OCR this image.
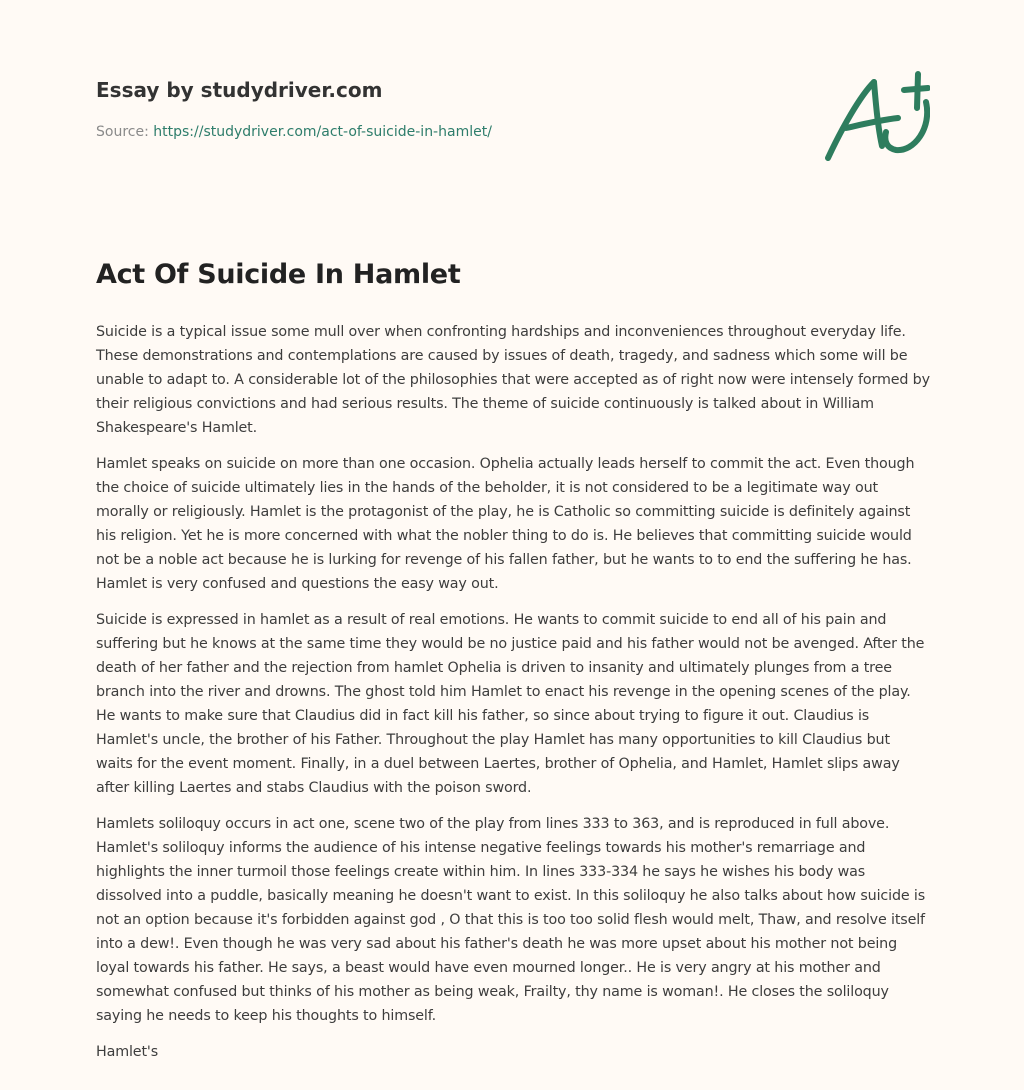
Essay by studydriver.com
Source: https://studydriver.com/act-of-suicide-in-hamlet/
Act Of Suicide In Hamlet

Suicide is a typical issue some mull over when confronting hardships and inconveniences throughout everyday life. These demonstrations and contemplations are caused by issues of death, tragedy, and sadness which some will be unable to adapt to. A considerable lot of the philosophies that were accepted as of right now were intensely formed by their religious convictions and had serious results. The theme of suicide continuously is talked about in William Shakespeare's Hamlet.

Hamlet speaks on suicide on more than one occasion. Ophelia actually leads herself to commit the act. Even though the choice of suicide ultimately lies in the hands of the beholder, it is not considered to be a legitimate way out morally or religiously. Hamlet is the protagonist of the play, he is Catholic so committing suicide is definitely against his religion. Yet he is more concerned with what the nobler thing to do is. He believes that committing suicide would not be a noble act because he is lurking for revenge of his fallen father, but he wants to to end the suffering he has. Hamlet is very confused and questions the easy way out.

Suicide is expressed in hamlet as a result of real emotions. He wants to commit suicide to end all of his pain and suffering but he knows at the same time they would be no justice paid and his father would not be avenged. After the death of her father and the rejection from hamlet Ophelia is driven to insanity and ultimately plunges from a tree branch into the river and drowns. The ghost told him Hamlet to enact his revenge in the opening scenes of the play. He wants to make sure that Claudius did in fact kill his father, so since about trying to figure it out. Claudius is Hamlet's uncle, the brother of his Father. Throughout the play Hamlet has many opportunities to kill Claudius but waits for the event moment. Finally, in a duel between Laertes, brother of Ophelia, and Hamlet, Hamlet slips away after killing Laertes and stabs Claudius with the poison sword.

Hamlets soliloquy occurs in act one, scene two of the play from lines 333 to 363, and is reproduced in full above. Hamlet's soliloquy informs the audience of his intense negative feelings towards his mother's remarriage and highlights the inner turmoil those feelings create within him. In lines 333-334 he says he wishes his body was dissolved into a puddle, basically meaning he doesn't want to exist. In this soliloquy he also talks about how suicide is not an option because it's forbidden against god , O that this is too too solid flesh would melt, Thaw, and resolve itself into a dew!. Even though he was very sad about his father's death he was more upset about his mother not being loyal towards his father. He says, a beast would have even mourned longer.. He is very angry at his mother and somewhat confused but thinks of his mother as being weak, Frailty, thy name is woman!. He closes the soliloquy saying he needs to keep his thoughts to himself.

Hamlet's
